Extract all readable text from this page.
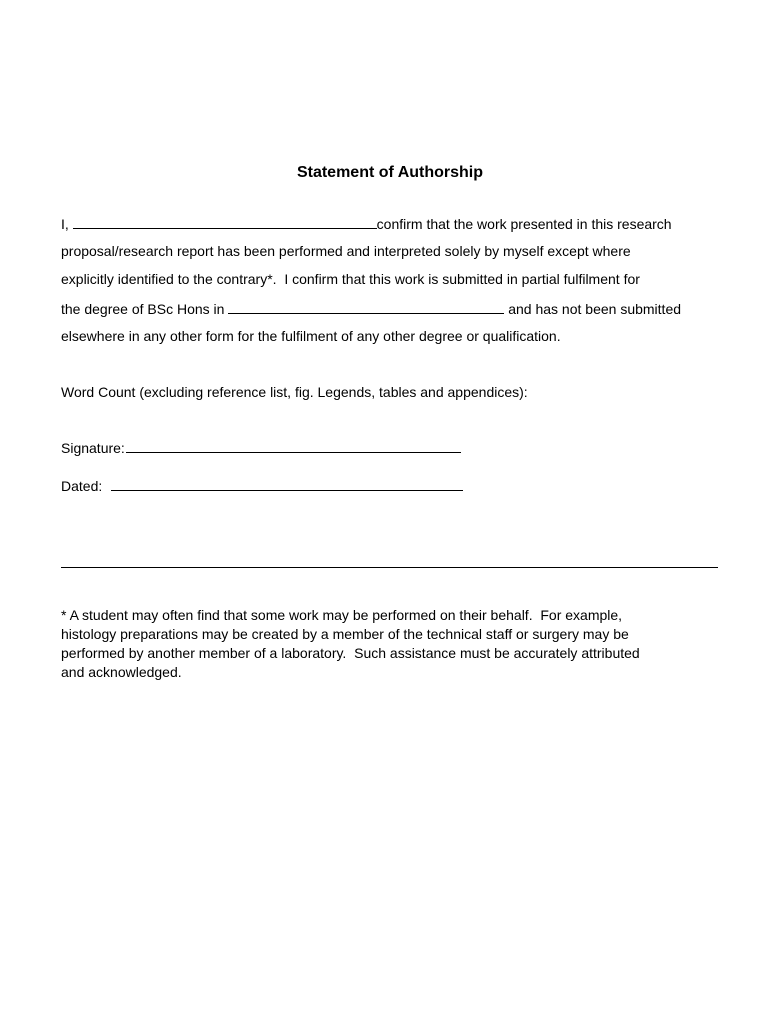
Statement of Authorship

I,	confirm that the work presented in this research

proposal/research report has been performed and interpreted solely by myself except where

explicitly identified to the contrary*.  I confirm that this work is submitted in partial fulfilment for

the degree of BSc Hons in	and has not been submitted

elsewhere in any other form for the fulfilment of any other degree or qualification.

Word Count (excluding reference list, fig. Legends, tables and appendices):

Signature:

Dated:

* A student may often find that some work may be performed on their behalf.  For example,
histology preparations may be created by a member of the technical staff or surgery may be
performed by another member of a laboratory.  Such assistance must be accurately attributed
and acknowledged.
